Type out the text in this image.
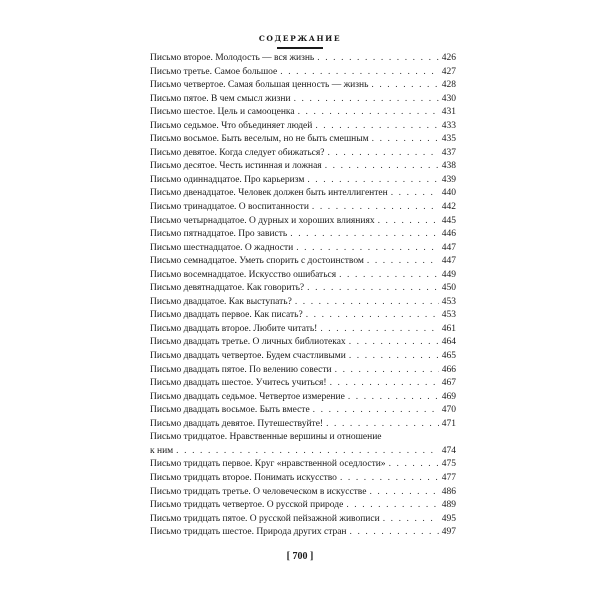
СОДЕРЖАНИЕ
Письмо второе. Молодость — вся жизнь . . .	426
Письмо третье. Самое большое . . .	427
Письмо четвертое. Самая большая ценность — жизнь . . .	428
Письмо пятое. В чем смысл жизни . . .	430
Письмо шестое. Цель и самооценка . . .	431
Письмо седьмое. Что объединяет людей . . .	433
Письмо восьмое. Быть веселым, но не быть смешным . . .	435
Письмо девятое. Когда следует обижаться? . . .	437
Письмо десятое. Честь истинная и ложная . . .	438
Письмо одиннадцатое. Про карьеризм . . .	439
Письмо двенадцатое. Человек должен быть интеллигентен . . .	440
Письмо тринадцатое. О воспитанности . . .	442
Письмо четырнадцатое. О дурных и хороших влияниях . . .	445
Письмо пятнадцатое. Про зависть . . .	446
Письмо шестнадцатое. О жадности . . .	447
Письмо семнадцатое. Уметь спорить с достоинством . . .	447
Письмо восемнадцатое. Искусство ошибаться . . .	449
Письмо девятнадцатое. Как говорить? . . .	450
Письмо двадцатое. Как выступать? . . .	453
Письмо двадцать первое. Как писать? . . .	453
Письмо двадцать второе. Любите читать! . . .	461
Письмо двадцать третье. О личных библиотеках . . .	464
Письмо двадцать четвертое. Будем счастливыми . . .	465
Письмо двадцать пятое. По велению совести . . .	466
Письмо двадцать шестое. Учитесь учиться! . . .	467
Письмо двадцать седьмое. Четвертое измерение . . .	469
Письмо двадцать восьмое. Быть вместе . . .	470
Письмо двадцать девятое. Путешествуйте! . . .	471
Письмо тридцатое. Нравственные вершины и отношение
к ним . . .	474
Письмо тридцать первое. Круг «нравственной оседлости» . . .	475
Письмо тридцать второе. Понимать искусство . . .	477
Письмо тридцать третье. О человеческом в искусстве . . .	486
Письмо тридцать четвертое. О русской природе . . .	489
Письмо тридцать пятое. О русской пейзажной живописи . . .	495
Письмо тридцать шестое. Природа других стран . . .	497
[ 700 ]
